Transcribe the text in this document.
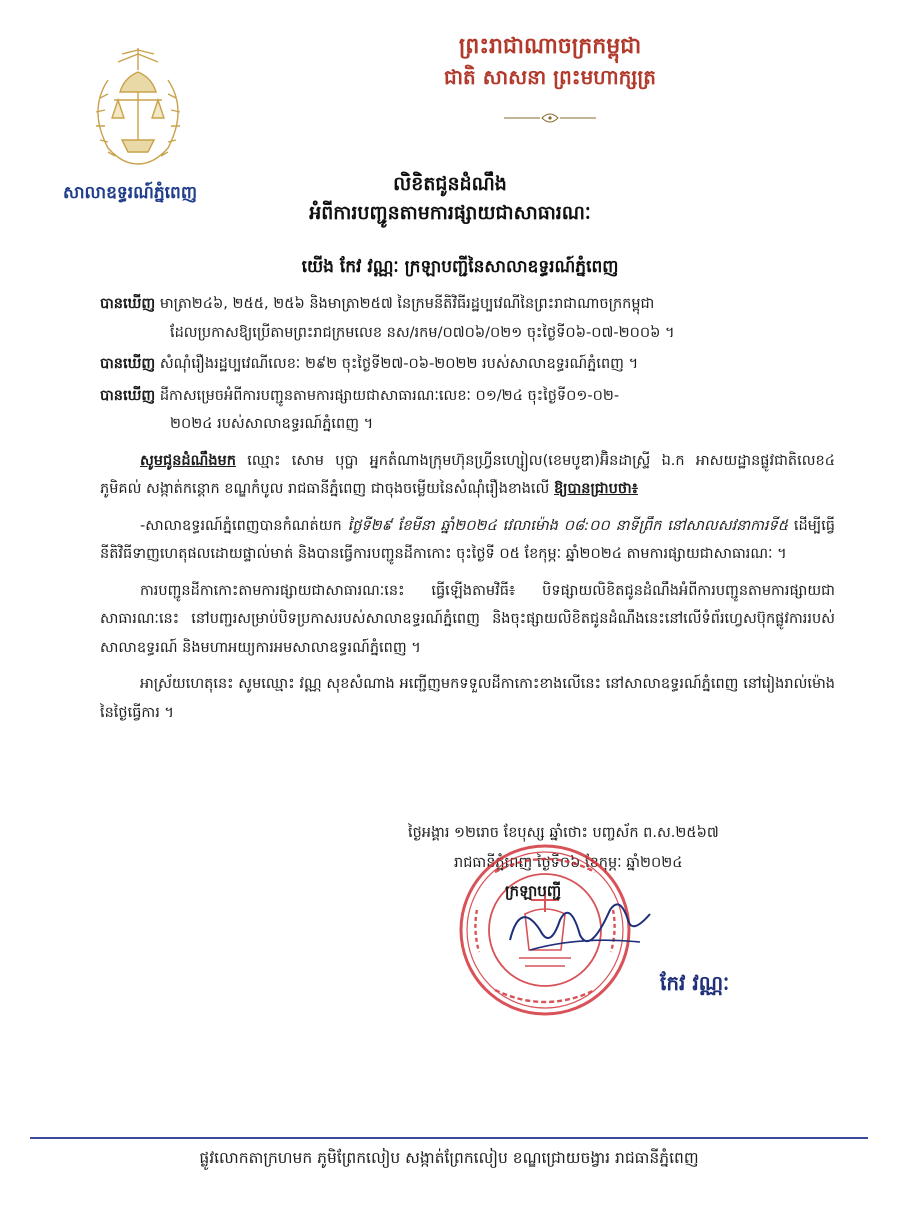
សាលាឧទ្ធរណ៍ភ្នំពេញ
ព្រះរាជាណាចក្រកម្ពុជា
ជាតិ សាសនា ព្រះមហាក្សត្រ
លិខិតជូនដំណឹង
អំពីការបញ្ជូនតាមការផ្សាយជាសាធារណៈ
យើង កែវ វណ្ណៈ ក្រឡាបញ្ជីនៃសាលាឧទ្ធរណ៍ភ្នំពេញ
បានឃើញ មាត្រា២៤៦, ២៥៥, ២៥៦ និងមាត្រា២៥៧ នៃក្រមនីតិវិធីរដ្ឋប្បវេណីនៃព្រះរាជាណាចក្រកម្ពុជា
ដែលប្រកាសឱ្យប្រើតាមព្រះរាជក្រមលេខ នស/រកម/០៧០៦/០២១ ចុះថ្ងៃទី០៦-០៧-២០០៦ ។
បានឃើញ សំណុំរឿងរដ្ឋប្បវេណីលេខៈ ២៩២ ចុះថ្ងៃទី២៧-០៦-២០២២ របស់សាលាឧទ្ធរណ៍ភ្នំពេញ ។
បានឃើញ ដីកាសម្រេចអំពីការបញ្ជូនតាមការផ្សាយជាសាធារណៈលេខៈ ០១/២៤ ចុះថ្ងៃទី០១-០២-
២០២៤ របស់សាលាឧទ្ធរណ៍ភ្នំពេញ ។

សូមជូនដំណឹងមក ឈ្មោះ សោម បុប្ផា អ្នកតំណាងក្រុមហ៊ុនហ្វ្រីនហ្សៀល(ខេមបូឌា)អ៊ិនដាស្ទ្រី ឯ.ក អាសយដ្ឋានផ្លូវជាតិលេខ៤ ភូមិគល់ សង្កាត់កន្តោក ខណ្ឌកំបូល រាជធានីភ្នំពេញ ជាចុងចម្លើយនៃសំណុំរឿងខាងលើ ឱ្យបានជ្រាបថា៖

-សាលាឧទ្ធរណ៍ភ្នំពេញបានកំណត់យក ថ្ងៃទី២៩ ខែមីនា ឆ្នាំ២០២៤ វេលាម៉ោង ០៨:០០ នាទីព្រឹក នៅសាលសវនាការទី៥ ដើម្បីធ្វើនីតិវិធីទាញហេតុផលដោយផ្ទាល់មាត់ និងបានធ្វើការបញ្ជូនដីកាកោះ ចុះថ្ងៃទី ០៥ ខែកុម្ភៈ ឆ្នាំ២០២៤ តាមការផ្សាយជាសាធារណៈ ។

ការបញ្ជូនដីកាកោះតាមការផ្សាយជាសាធារណៈនេះ ធ្វើឡើងតាមវិធី៖ បិទផ្សាយលិខិតជូនដំណឹងអំពីការបញ្ជូនតាមការផ្សាយជាសាធារណៈនេះ នៅបញ្ជរសម្រាប់បិទប្រកាសរបស់សាលាឧទ្ធរណ៍ភ្នំពេញ និងចុះផ្សាយលិខិតជូនដំណឹងនេះនៅលើទំព័រហ្វេសប៊ុកផ្លូវការរបស់ សាលាឧទ្ធរណ៍ និងមហាអយ្យការអមសាលាឧទ្ធរណ៍ភ្នំពេញ ។

អាស្រ័យហេតុនេះ សូមឈ្មោះ វណ្ណ សុខសំណាង អញ្ជើញមកទទួលដីកាកោះខាងលើនេះ នៅសាលាឧទ្ធរណ៍ភ្នំពេញ នៅរៀងរាល់ម៉ោងនៃថ្ងៃធ្វើការ ។

ថ្ងៃអង្គារ ១២រោច ខែបុស្ស ឆ្នាំថោះ បញ្ចស័ក ព.ស.២៥៦៧
រាជធានីភ្នំពេញ ថ្ងៃទី០៦ ខែកុម្ភៈ ឆ្នាំ២០២៤
ក្រឡាបញ្ជី
កែវ វណ្ណៈ
ផ្លូវលោកតាក្រហមក ភូមិព្រែកលៀប សង្កាត់ព្រែកលៀប ខណ្ឌជ្រោយចង្វារ រាជធានីភ្នំពេញ
